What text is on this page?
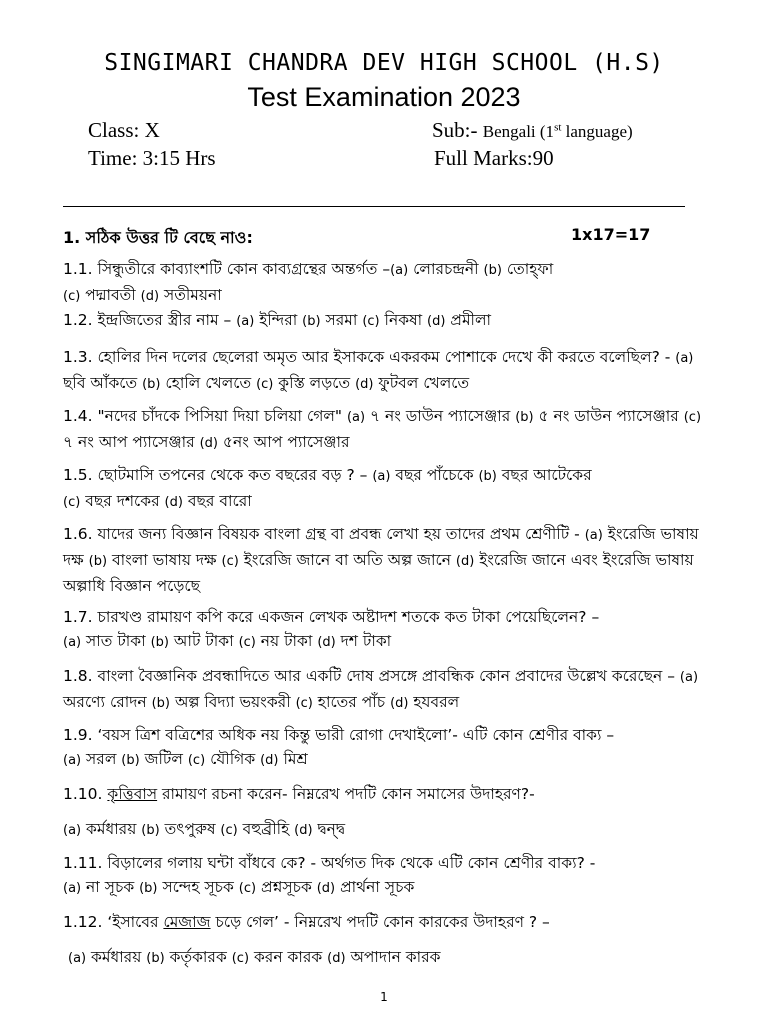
SINGIMARI CHANDRA DEV HIGH SCHOOL (H.S)
Test Examination 2023
Class: X	Sub:- Bengali (1st language)
Time: 3:15 Hrs	Full Marks:90
1. সঠিক উত্তর টি বেছে নাও:	1x17=17
1.1. সিন্ধুতীরে কাব্যাংশটি কোন কাব্যগ্রন্থের অন্তর্গত –(a) লোরচন্দ্রনী (b) তোহ্‌ফা
(c) পদ্মাবতী (d) সতীময়না
1.2. ইন্দ্রজিতের স্ত্রীর নাম – (a) ইন্দিরা (b) সরমা (c) নিকষা (d) প্রমীলা
1.3. হোলির দিন দলের ছেলেরা অমৃত আর ইসাককে একরকম পোশাকে দেখে কী করতে বলেছিল? - (a) ছবি আঁকতে (b) হোলি খেলতে (c) কুস্তি লড়তে (d) ফুটবল খেলতে
1.4. "নদের চাঁদকে পিসিয়া দিয়া চলিয়া গেল" (a) ৭ নং ডাউন প্যাসেঞ্জার (b) ৫ নং ডাউন প্যাসেঞ্জার (c) ৭ নং আপ প্যাসেঞ্জার (d) ৫নং আপ প্যাসেঞ্জার
1.5. ছোটমাসি তপনের থেকে কত বছরের বড় ? – (a) বছর পাঁচেকে (b) বছর আটেকের
(c) বছর দশকের (d) বছর বারো
1.6. যাদের জন্য বিজ্ঞান বিষয়ক বাংলা গ্রন্থ বা প্রবন্ধ লেখা হয় তাদের প্রথম শ্রেণীটি - (a) ইংরেজি ভাষায় দক্ষ (b) বাংলা ভাষায় দক্ষ (c) ইংরেজি জানে বা অতি অল্প জানে (d) ইংরেজি জানে এবং ইংরেজি ভাষায় অল্পাধি বিজ্ঞান পড়েছে
1.7. চারখণ্ড রামায়ণ কপি করে একজন লেখক অষ্টাদশ শতকে কত টাকা পেয়েছিলেন? –
(a) সাত টাকা (b) আট টাকা (c) নয় টাকা (d) দশ টাকা
1.8. বাংলা বৈজ্ঞানিক প্রবন্ধাদিতে আর একটি দোষ প্রসঙ্গে প্রাবন্ধিক কোন প্রবাদের উল্লেখ করেছেন – (a) অরণ্যে রোদন (b) অল্প বিদ্যা ভয়ংকরী (c) হাতের পাঁচ (d) হযবরল
1.9. ‘বয়স ত্রিশ বত্রিশের অধিক নয় কিন্তু ভারী রোগা দেখাইলো’- এটি কোন শ্রেণীর বাক্য –
(a) সরল (b) জটিল (c) যৌগিক (d) মিশ্র
1.10. কৃত্তিবাস রামায়ণ রচনা করেন- নিম্নরেখ পদটি কোন সমাসের উদাহরণ?-
(a) কর্মধারয় (b) তৎপুরুষ (c) বহুব্রীহি (d) দ্বন্দ্ব
1.11. বিড়ালের গলায় ঘন্টা বাঁধবে কে? - অর্থগত দিক থেকে এটি কোন শ্রেণীর বাক্য? -
(a) না সূচক (b) সন্দেহ সূচক (c) প্রশ্নসূচক (d) প্রার্থনা সূচক
1.12. ‘ইসাবের মেজাজ চড়ে গেল’ - নিম্নরেখ পদটি কোন কারকের উদাহরণ ? –
(a) কর্মধারয় (b) কর্তৃকারক (c) করন কারক (d) অপাদান কারক
1
